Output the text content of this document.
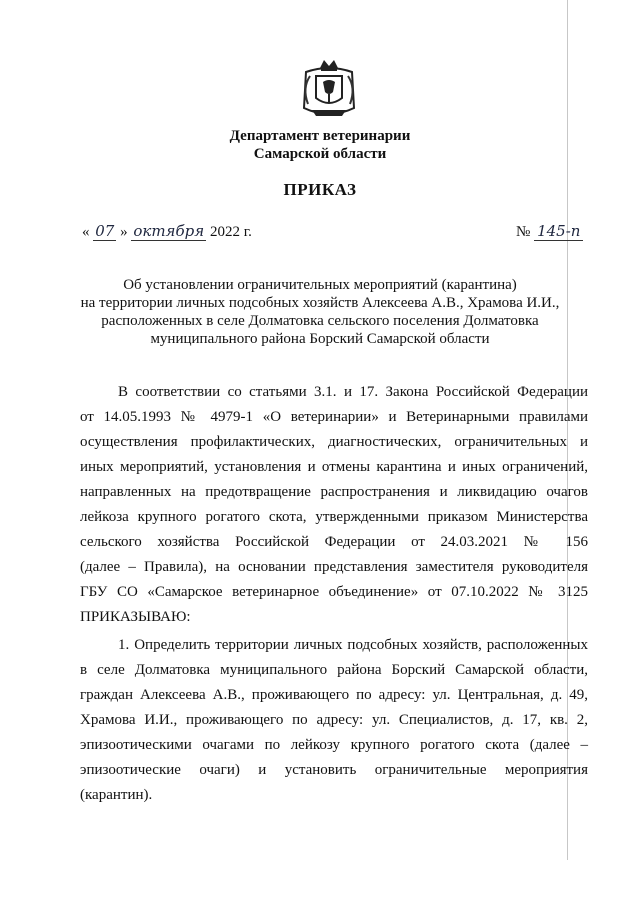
Департамент ветеринарии
Самарской области
ПРИКАЗ
« 07 » октября 2022 г.	№ 145-п
Об установлении ограничительных мероприятий (карантина)
на территории личных подсобных хозяйств Алексеева А.В., Храмова И.И.,
расположенных в селе Долматовка сельского поселения Долматовка
муниципального района Борский Самарской области
В соответствии со статьями 3.1. и 17. Закона Российской Федерации
от 14.05.1993 № 4979-1 «О ветеринарии» и Ветеринарными правилами
осуществления профилактических, диагностических, ограничительных и
иных мероприятий, установления и отмены карантина и иных ограничений,
направленных на предотвращение распространения и ликвидацию очагов
лейкоза крупного рогатого скота, утвержденными приказом Министерства
сельского хозяйства Российской Федерации от 24.03.2021 № 156
(далее – Правила), на основании представления заместителя руководителя
ГБУ СО «Самарское ветеринарное объединение» от 07.10.2022 № 3125
ПРИКАЗЫВАЮ:
1. Определить территории личных подсобных хозяйств, расположенных
в селе Долматовка муниципального района Борский Самарской области,
граждан Алексеева А.В., проживающего по адресу: ул. Центральная, д. 49,
Храмова И.И., проживающего по адресу: ул. Специалистов, д. 17, кв. 2,
эпизоотическими очагами по лейкозу крупного рогатого скота (далее –
эпизоотические очаги) и установить ограничительные мероприятия
(карантин).
